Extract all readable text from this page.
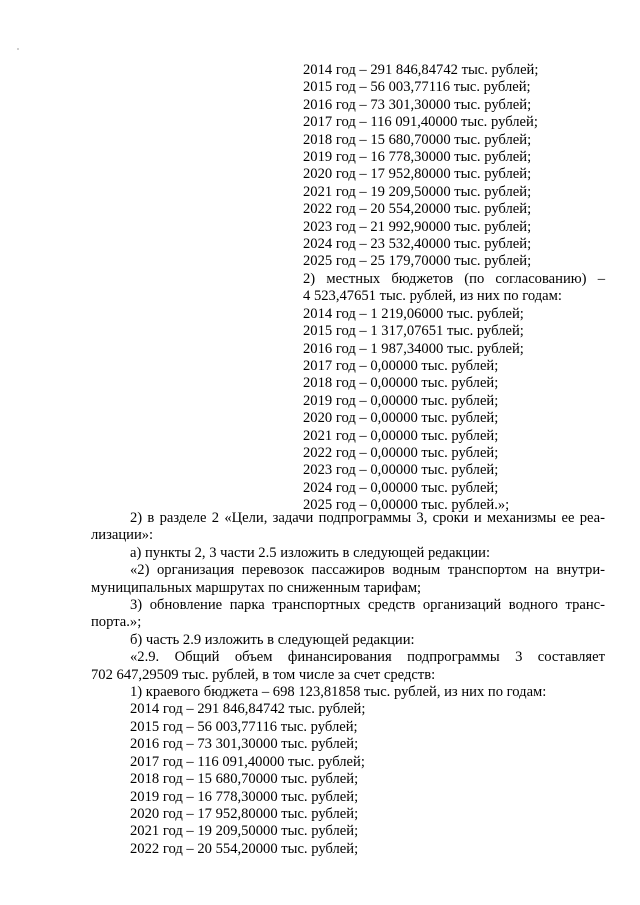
2014 год – 291 846,84742 тыс. рублей;
2015 год – 56 003,77116 тыс. рублей;
2016 год – 73 301,30000 тыс. рублей;
2017 год – 116 091,40000 тыс. рублей;
2018 год – 15 680,70000 тыс. рублей;
2019 год – 16 778,30000 тыс. рублей;
2020 год – 17 952,80000 тыс. рублей;
2021 год – 19 209,50000 тыс. рублей;
2022 год – 20 554,20000 тыс. рублей;
2023 год – 21 992,90000 тыс. рублей;
2024 год – 23 532,40000 тыс. рублей;
2025 год – 25 179,70000 тыс. рублей;
2) местных бюджетов (по согласованию) –
4 523,47651 тыс. рублей, из них по годам:
2014 год – 1 219,06000 тыс. рублей;
2015 год – 1 317,07651 тыс. рублей;
2016 год – 1 987,34000 тыс. рублей;
2017 год – 0,00000 тыс. рублей;
2018 год – 0,00000 тыс. рублей;
2019 год – 0,00000 тыс. рублей;
2020 год – 0,00000 тыс. рублей;
2021 год – 0,00000 тыс. рублей;
2022 год – 0,00000 тыс. рублей;
2023 год – 0,00000 тыс. рублей;
2024 год – 0,00000 тыс. рублей;
2025 год – 0,00000 тыс. рублей.»;
2) в разделе 2 «Цели, задачи подпрограммы 3, сроки и механизмы ее реа-
лизации»:
а) пункты 2, 3 части 2.5 изложить в следующей редакции:
«2) организация перевозок пассажиров водным транспортом на внутри-
муниципальных маршрутах по сниженным тарифам;
3) обновление парка транспортных средств организаций водного транс-
порта.»;
б) часть 2.9 изложить в следующей редакции:
«2.9. Общий объем финансирования подпрограммы 3 составляет
702 647,29509 тыс. рублей, в том числе за счет средств:
1) краевого бюджета – 698 123,81858 тыс. рублей, из них по годам:
2014 год – 291 846,84742 тыс. рублей;
2015 год – 56 003,77116 тыс. рублей;
2016 год – 73 301,30000 тыс. рублей;
2017 год – 116 091,40000 тыс. рублей;
2018 год – 15 680,70000 тыс. рублей;
2019 год – 16 778,30000 тыс. рублей;
2020 год – 17 952,80000 тыс. рублей;
2021 год – 19 209,50000 тыс. рублей;
2022 год – 20 554,20000 тыс. рублей;
